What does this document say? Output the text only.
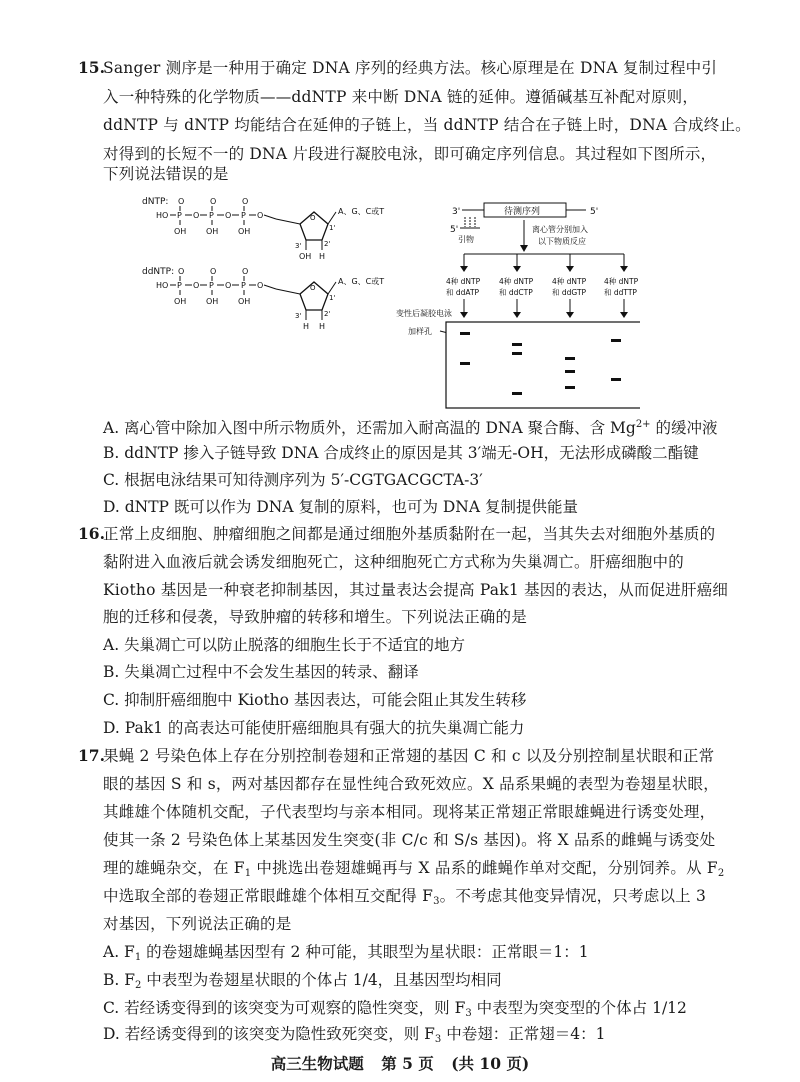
15.
Sanger 测序是一种用于确定 DNA 序列的经典方法。核心原理是在 DNA 复制过程中引
入一种特殊的化学物质——ddNTP 来中断 DNA 链的延伸。遵循碱基互补配对原则，
ddNTP 与 dNTP 均能结合在延伸的子链上，当 ddNTP 结合在子链上时，DNA 合成终止。
对得到的长短不一的 DNA 片段进行凝胶电泳，即可确定序列信息。其过程如下图所示，
下列说法错误的是
dNTP: O	O	O
HO P	P	P
O	O	O
OH OH OH
O
A、G、C或T
3'
1'
2'
OH H
ddNTP: O	O	O
HO P	P	P
O	O	O
OH OH OH
O
A、G、C或T
3'
1'
2'
H H
3'	待测序列	5'
5'
引物
离心管分别加入
以下物质反应
4种 dNTP
和 ddATP
4种 dNTP
和 ddCTP
4种 dNTP
和 ddGTP
4种 dNTP
和 ddTTP
变性后凝胶电泳
加样孔
A. 离心管中除加入图中所示物质外，还需加入耐高温的 DNA 聚合酶、含 $Mg^{2+}$ 的缓冲液
B. ddNTP 掺入子链导致 DNA 合成终止的原因是其 3′端无-OH，无法形成磷酸二酯键
C. 根据电泳结果可知待测序列为 5′-CGTGACGCTA-3′
D. dNTP 既可以作为 DNA 复制的原料，也可为 DNA 复制提供能量
16.
正常上皮细胞、肿瘤细胞之间都是通过细胞外基质黏附在一起，当其失去对细胞外基质的
黏附进入血液后就会诱发细胞死亡，这种细胞死亡方式称为失巢凋亡。肝癌细胞中的
Kiotho 基因是一种衰老抑制基因，其过量表达会提高 Pak1 基因的表达，从而促进肝癌细
胞的迁移和侵袭，导致肿瘤的转移和增生。下列说法正确的是
A. 失巢凋亡可以防止脱落的细胞生长于不适宜的地方
B. 失巢凋亡过程中不会发生基因的转录、翻译
C. 抑制肝癌细胞中 Kiotho 基因表达，可能会阻止其发生转移
D. Pak1 的高表达可能使肝癌细胞具有强大的抗失巢凋亡能力
17.
果蝇 2 号染色体上存在分别控制卷翅和正常翅的基因 C 和 c 以及分别控制星状眼和正常
眼的基因 S 和 s，两对基因都存在显性纯合致死效应。X 品系果蝇的表型为卷翅星状眼，
其雌雄个体随机交配，子代表型均与亲本相同。现将某正常翅正常眼雄蝇进行诱变处理，
使其一条 2 号染色体上某基因发生突变(非 C/c 和 S/s 基因)。将 X 品系的雌蝇与诱变处
理的雄蝇杂交，在 $F_1$ 中挑选出卷翅雄蝇再与 X 品系的雌蝇作单对交配，分别饲养。从 $F_2$
中选取全部的卷翅正常眼雌雄个体相互交配得 $F_3$。不考虑其他变异情况，只考虑以上 3
对基因，下列说法正确的是
A. $F_1$ 的卷翅雄蝇基因型有 2 种可能，其眼型为星状眼：正常眼＝1：1
B. $F_2$ 中表型为卷翅星状眼的个体占 1/4，且基因型均相同
C. 若经诱变得到的该突变为可观察的隐性突变，则 $F_3$ 中表型为突变型的个体占 1/12
D. 若经诱变得到的该突变为隐性致死突变，则 $F_3$ 中卷翅：正常翅＝4：1
高三生物试题 第 5 页 (共 10 页)
